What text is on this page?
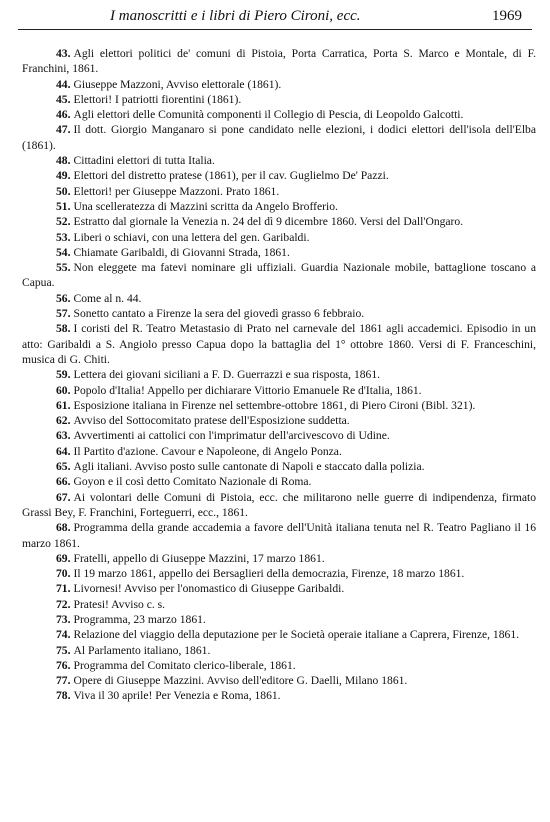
I manoscritti e i libri di Piero Cironi, ecc.	1969

43. Agli elettori politici de' comuni di Pistoia, Porta Carratica, Porta S. Marco e Montale, di F. Franchini, 1861.

44. Giuseppe Mazzoni, Avviso elettorale (1861).

45. Elettori! I patriotti fiorentini (1861).

46. Agli elettori delle Comunità componenti il Collegio di Pescia, di Leopoldo Galcotti.

47. Il dott. Giorgio Manganaro si pone candidato nelle elezioni, i dodici elettori dell'isola dell'Elba (1861).

48. Cittadini elettori di tutta Italia.

49. Elettori del distretto pratese (1861), per il cav. Guglielmo De' Pazzi.

50. Elettori! per Giuseppe Mazzoni. Prato 1861.

51. Una scelleratezza di Mazzini scritta da Angelo Brofferio.

52. Estratto dal giornale la Venezia n. 24 del dì 9 dicembre 1860. Versi del Dall'Ongaro.

53. Liberi o schiavi, con una lettera del gen. Garibaldi.

54. Chiamate Garibaldi, di Giovanni Strada, 1861.

55. Non eleggete ma fatevi nominare gli uffiziali. Guardia Nazionale mobile, battaglione toscano a Capua.

56. Come al n. 44.

57. Sonetto cantato a Firenze la sera del giovedì grasso 6 febbraio.

58. I coristi del R. Teatro Metastasio di Prato nel carnevale del 1861 agli accademici. Episodio in un atto: Garibaldi a S. Angiolo presso Capua dopo la battaglia del 1° ottobre 1860. Versi di F. Franceschini, musica di G. Chiti.

59. Lettera dei giovani siciliani a F. D. Guerrazzi e sua risposta, 1861.

60. Popolo d'Italia! Appello per dichiarare Vittorio Emanuele Re d'Italia, 1861.

61. Esposizione italiana in Firenze nel settembre-ottobre 1861, di Piero Cironi (Bibl. 321).

62. Avviso del Sottocomitato pratese dell'Esposizione suddetta.

63. Avvertimenti ai cattolici con l'imprimatur dell'arcivescovo di Udine.

64. Il Partito d'azione. Cavour e Napoleone, di Angelo Ponza.

65. Agli italiani. Avviso posto sulle cantonate di Napoli e staccato dalla polizia.

66. Goyon e il così detto Comitato Nazionale di Roma.

67. Ai volontari delle Comuni di Pistoia, ecc. che militarono nelle guerre di indipendenza, firmato Grassi Bey, F. Franchini, Forteguerri, ecc., 1861.

68. Programma della grande accademia a favore dell'Unità italiana tenuta nel R. Teatro Pagliano il 16 marzo 1861.

69. Fratelli, appello di Giuseppe Mazzini, 17 marzo 1861.

70. Il 19 marzo 1861, appello dei Bersaglieri della democrazia, Firenze, 18 marzo 1861.

71. Livornesi! Avviso per l'onomastico di Giuseppe Garibaldi.

72. Pratesi! Avviso c. s.

73. Programma, 23 marzo 1861.

74. Relazione del viaggio della deputazione per le Società operaie italiane a Caprera, Firenze, 1861.

75. Al Parlamento italiano, 1861.

76. Programma del Comitato clerico-liberale, 1861.

77. Opere di Giuseppe Mazzini. Avviso dell'editore G. Daelli, Milano 1861.

78. Viva il 30 aprile! Per Venezia e Roma, 1861.
